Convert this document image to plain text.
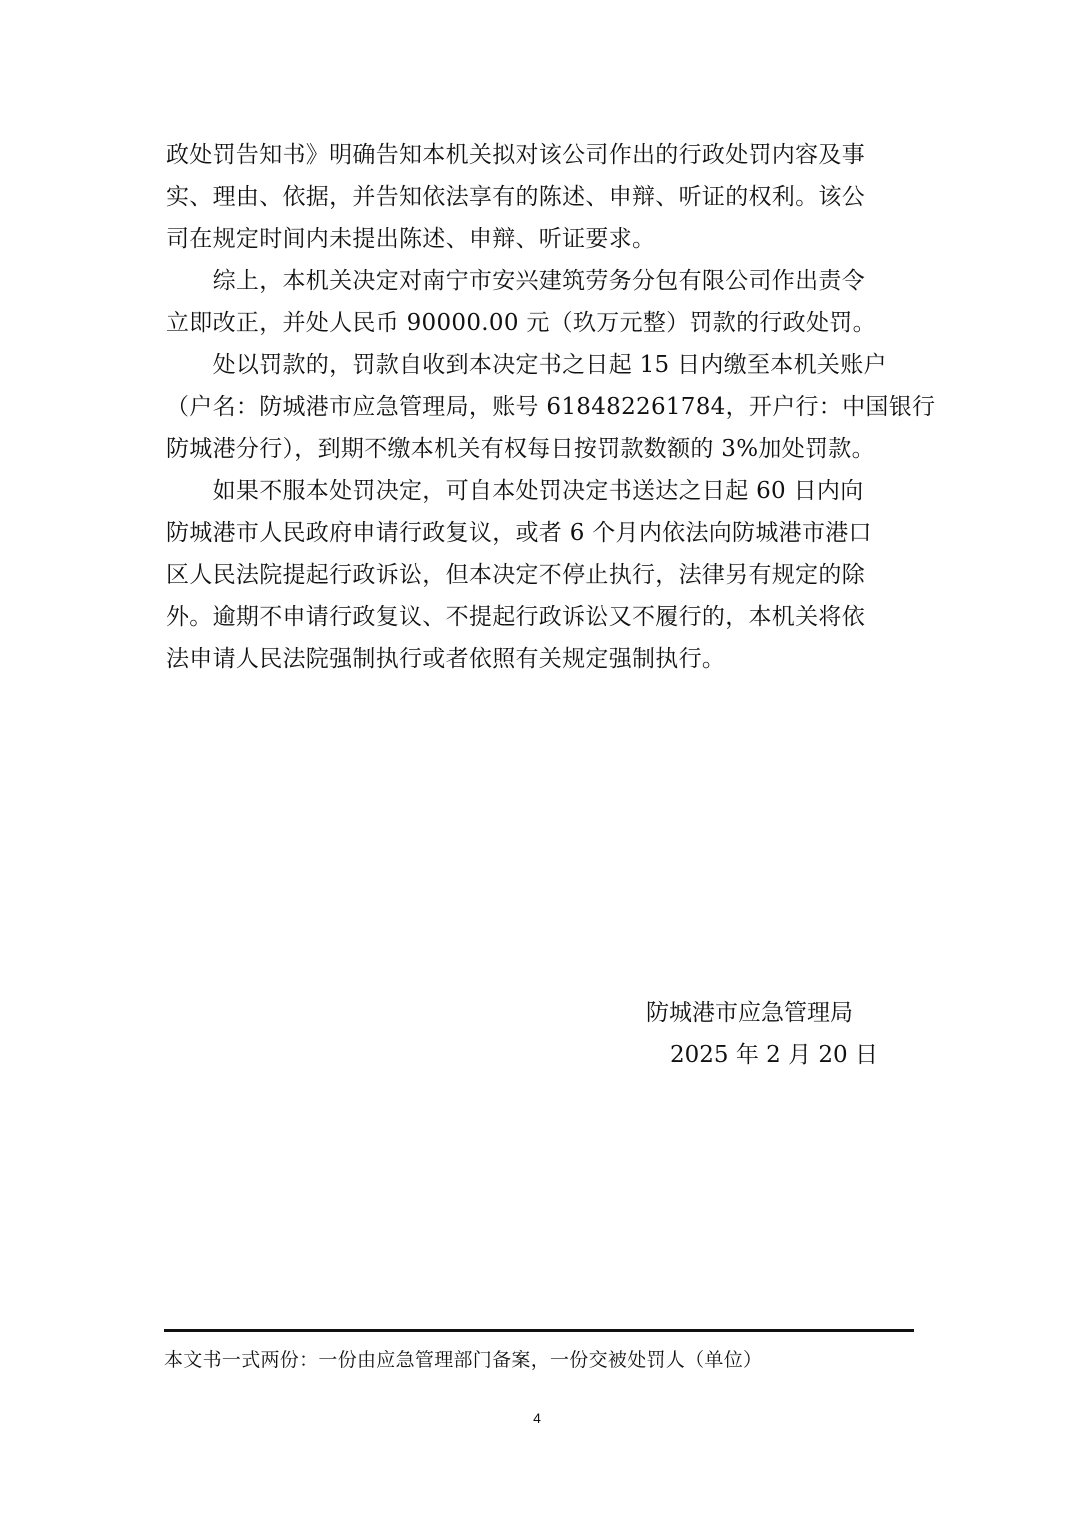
政处罚告知书》明确告知本机关拟对该公司作出的行政处罚内容及事
实、理由、依据，并告知依法享有的陈述、申辩、听证的权利。该公
司在规定时间内未提出陈述、申辩、听证要求。
　　综上，本机关决定对南宁市安兴建筑劳务分包有限公司作出责令
立即改正，并处人民币 90000.00 元（玖万元整）罚款的行政处罚。
　　处以罚款的，罚款自收到本决定书之日起 15 日内缴至本机关账户
（户名：防城港市应急管理局，账号 618482261784，开户行：中国银行
防城港分行），到期不缴本机关有权每日按罚款数额的 3%加处罚款。
　　如果不服本处罚决定，可自本处罚决定书送达之日起 60 日内向
防城港市人民政府申请行政复议，或者 6 个月内依法向防城港市港口
区人民法院提起行政诉讼，但本决定不停止执行，法律另有规定的除
外。逾期不申请行政复议、不提起行政诉讼又不履行的，本机关将依
法申请人民法院强制执行或者依照有关规定强制执行。
防城港市应急管理局
2025 年 2 月 20 日
本文书一式两份：一份由应急管理部门备案，一份交被处罚人（单位）
4
